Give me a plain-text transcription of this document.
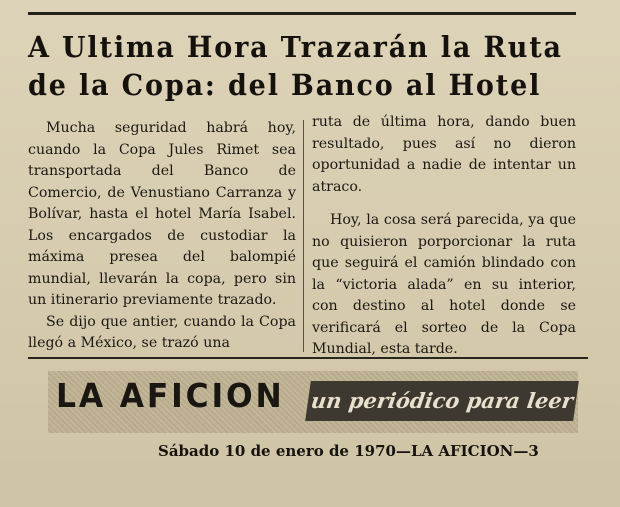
A Ultima Hora Trazarán la Ruta
de la Copa: del Banco al Hotel

Mucha seguridad habrá hoy, cuando la Copa Jules Rimet sea transportada del Banco de Comercio, de Venustiano Carranza y Bolívar, hasta el hotel María Isabel. Los encargados de custodiar la máxima presea del balompié mundial, llevarán la copa, pero sin un itinerario previamente trazado.

Se dijo que antier, cuando la Copa llegó a México, se trazó una

ruta de última hora, dando buen resultado, pues así no dieron oportunidad a nadie de intentar un atraco.

Hoy, la cosa será parecida, ya que no quisieron porporcionar la ruta que seguirá el camión blindado con la “victoria alada” en su interior, con destino al hotel donde se verificará el sorteo de la Copa Mundial, esta tarde.

LA AFICION un periódico para leer
Sábado 10 de enero de 1970—LA AFICION—3
